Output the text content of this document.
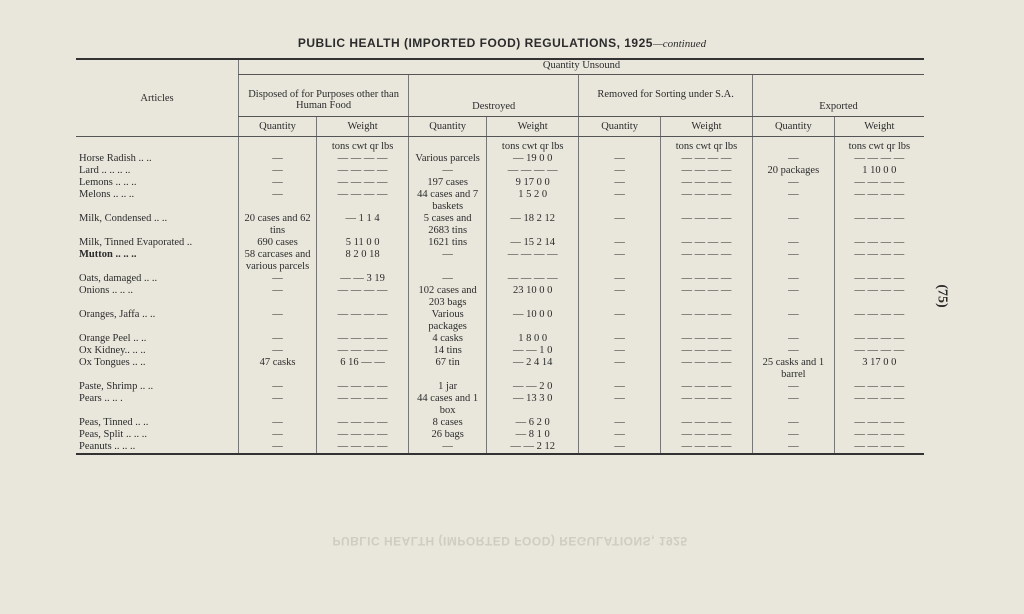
PUBLIC HEALTH (IMPORTED FOOD) REGULATIONS, 1925—continued
(75)
PUBLIC HEALTH (IMPORTED FOOD) REGULATIONS, 1925
Articles	Quantity Unsound							
	Disposed of for Purposes other than Human Food		Destroyed		Removed for Sorting under S.A.		Exported	
	Quantity	Weight	Quantity	Weight	Quantity	Weight	Quantity	Weight
		tons cwt qr lbs		tons cwt qr lbs		tons cwt qr lbs		tons cwt qr lbs
Horse Radish .. ..	—	— — — —	Various parcels	— 19 0 0	—	— — — —	—	— — — —
Lard .. .. .. ..	—	— — — —	—	— — — —	—	— — — —	20 packages	1 10 0 0
Lemons .. .. ..	—	— — — —	197 cases	9 17 0 0	—	— — — —	—	— — — —
Melons .. .. ..	—	— — — —	44 cases and 7 baskets	1 5 2 0	—	— — — —	—	— — — —
Milk, Condensed .. ..	20 cases and 62 tins	— 1 1 4	5 cases and 2683 tins	— 18 2 12	—	— — — —	—	— — — —
Milk, Tinned Evaporated ..	690 cases	5 11 0 0	1621 tins	— 15 2 14	—	— — — —	—	— — — —
Mutton .. .. ..	58 carcases and various parcels	8 2 0 18	—	— — — —	—	— — — —	—	— — — —
Oats, damaged .. ..	—	— — 3 19	—	— — — —	—	— — — —	—	— — — —
Onions .. .. ..	—	— — — —	102 cases and 203 bags	23 10 0 0	—	— — — —	—	— — — —
Oranges, Jaffa .. ..	—	— — — —	Various packages	— 10 0 0	—	— — — —	—	— — — —
Orange Peel .. ..	—	— — — —	4 casks	1 8 0 0	—	— — — —	—	— — — —
Ox Kidney.. .. ..	—	— — — —	14 tins	— — 1 0	—	— — — —	—	— — — —
Ox Tongues .. ..	47 casks	6 16 — —	67 tin	— 2 4 14	—	— — — —	25 casks and 1 barrel	3 17 0 0
Paste, Shrimp .. ..	—	— — — —	1 jar	— — 2 0	—	— — — —	—	— — — —
Pears .. .. .	—	— — — —	44 cases and 1 box	— 13 3 0	—	— — — —	—	— — — —
Peas, Tinned .. ..	—	— — — —	8 cases	— 6 2 0	—	— — — —	—	— — — —
Peas, Split .. .. ..	—	— — — —	26 bags	— 8 1 0	—	— — — —	—	— — — —
Peanuts .. .. ..	—	— — — —	—	— — 2 12	—	— — — —	—	— — — —
